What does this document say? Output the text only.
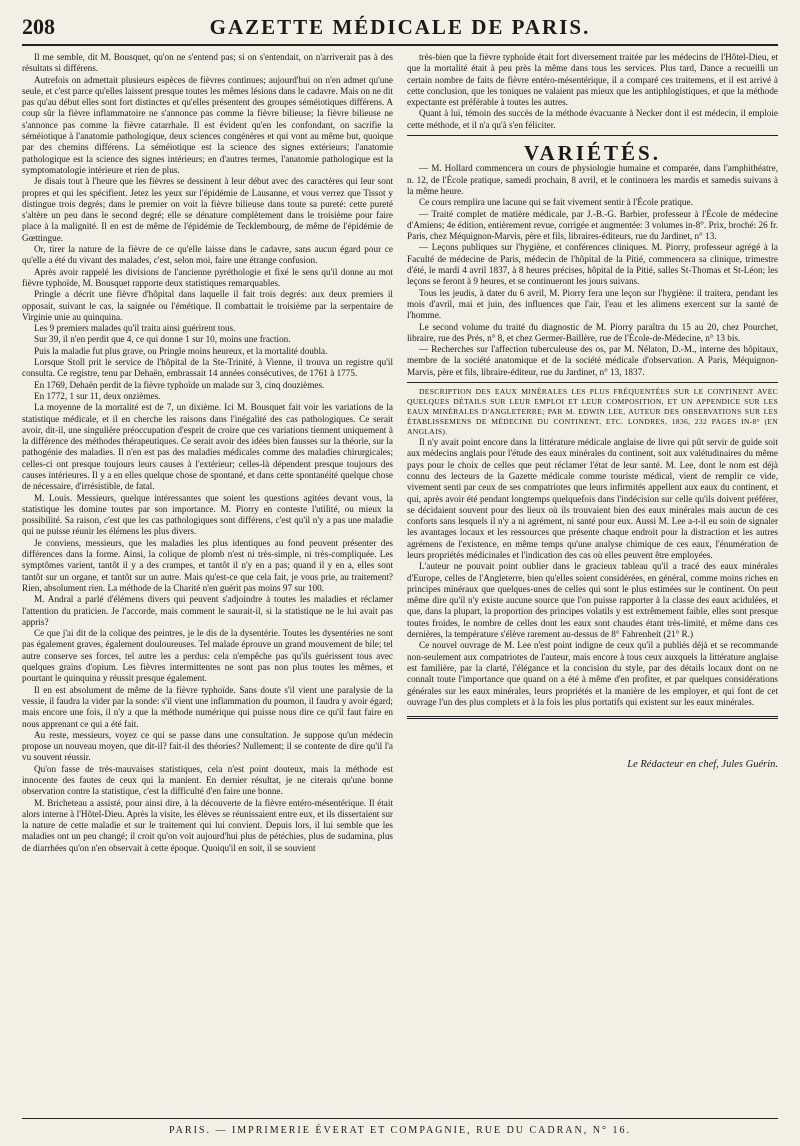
208	GAZETTE MÉDICALE DE PARIS.

Il me semble, dit M. Bousquet, qu'on ne s'entend pas; si on s'entendait, on n'arriverait pas à des résultats si différens.

Autrefois on admettait plusieurs espèces de fièvres continues; aujourd'hui on n'en admet qu'une seule, et c'est parce qu'elles laissent presque toutes les mêmes lésions dans le cadavre. Mais on ne dit pas qu'au début elles sont fort distinctes et qu'elles présentent des groupes séméiotiques différens. A coup sûr la fièvre inflammatoire ne s'annonce pas comme la fièvre bilieuse; la fièvre bilieuse ne s'annonce pas comme la fièvre catarrhale. Il est évident qu'en les confondant, on sacrifie la séméiotique à l'anatomie pathologique, deux sciences congénères et qui vont au même but, quoique par des chemins différens. La séméiotique est la science des signes extérieurs; l'anatomie pathologique est la science des signes intérieurs; en d'autres termes, l'anatomie pathologique est la symptomatologie intérieure et rien de plus.

Je disais tout à l'heure que les fièvres se dessinent à leur début avec des caractères qui leur sont propres et qui les spécifient. Jetez les yeux sur l'épidémie de Lausanne, et vous verrez que Tissot y distingue trois degrés; dans le premier on voit la fièvre bilieuse dans toute sa pureté: cette pureté s'altère un peu dans le second degré; elle se dénature complètement dans le troisième pour faire place à la malignité. Il en est de même de l'épidémie de Tecklembourg, de même de l'épidémie de Gœttingue.

Or, tirer la nature de la fièvre de ce qu'elle laisse dans le cadavre, sans aucun égard pour ce qu'elle a été du vivant des malades, c'est, selon moi, faire une étrange confusion.

Après avoir rappelé les divisions de l'ancienne pyréthologie et fixé le sens qu'il donne au mot fièvre typhoïde, M. Bousquet rapporte deux statistiques remarquables.

Pringle a décrit une fièvre d'hôpital dans laquelle il fait trois degrés: aux deux premiers il opposait, suivant le cas, la saignée ou l'émétique. Il combattait le troisième par la serpentaire de Virginie unie au quinquina.

Les 9 premiers malades qu'il traita ainsi guérirent tous.

Sur 39, il n'en perdit que 4, ce qui donne 1 sur 10, moins une fraction.

Puis la maladie fut plus grave, ou Pringle moins heureux, et la mortalité doubla.

Lorsque Stoll prit le service de l'hôpital de la Ste-Trinité, à Vienne, il trouva un registre qu'il consulta. Ce registre, tenu par Dehaën, embrassait 14 années consécutives, de 1761 à 1775.

En 1769, Dehaën perdit de la fièvre typhoïde un malade sur 3, cinq douzièmes.

En 1772, 1 sur 11, deux onzièmes.

La moyenne de la mortalité est de 7, un dixième. Ici M. Bousquet fait voir les variations de la statistique médicale, et il en cherche les raisons dans l'inégalité des cas pathologiques. Ce serait avoir, dit-il, une singulière préoccupation d'esprit de croire que ces variations tiennent uniquement à la différence des méthodes thérapeutiques. Ce serait avoir des idées bien fausses sur la théorie, sur la pathogénie des maladies. Il n'en est pas des maladies médicales comme des maladies chirurgicales; celles-ci ont presque toujours leurs causes à l'extérieur; celles-là dépendent presque toujours des causes intérieures. Il y a en elles quelque chose de spontané, et dans cette spontanéité quelque chose de nécessaire, d'irrésistible, de fatal.

M. Louis. Messieurs, quelque intéressantes que soient les questions agitées devant vous, la statistique les domine toutes par son importance. M. Piorry en conteste l'utilité, ou mieux la possibilité. Sa raison, c'est que les cas pathologiques sont différens, c'est qu'il n'y a pas une maladie qui ne puisse réunir les élémens les plus divers.

Je conviens, messieurs, que les maladies les plus identiques au fond peuvent présenter des différences dans la forme. Ainsi, la colique de plomb n'est ni très-simple, ni très-compliquée. Les symptômes varient, tantôt il y a des crampes, et tantôt il n'y en a pas; quand il y en a, elles sont tantôt sur un organe, et tantôt sur un autre. Mais qu'est-ce que cela fait, je vous prie, au traitement? Rien, absolument rien. La méthode de la Charité n'en guérit pas moins 97 sur 100.

M. Andral a parlé d'élémens divers qui peuvent s'adjoindre à toutes les maladies et réclamer l'attention du praticien. Je l'accorde, mais comment le saurait-il, si la statistique ne le lui avait pas appris?

Ce que j'ai dit de la colique des peintres, je le dis de la dysentérie. Toutes les dysentéries ne sont pas également graves, également douloureuses. Tel malade éprouve un grand mouvement de bile; tel autre conserve ses forces, tel autre les a perdus: cela n'empêche pas qu'ils guérissent tous avec quelques grains d'opium. Les fièvres intermittentes ne sont pas non plus toutes les mêmes, et pourtant le quinquina y réussit presque également.

Il en est absolument de même de la fièvre typhoïde. Sans doute s'il vient une paralysie de la vessie, il faudra la vider par la sonde: s'il vient une inflammation du poumon, il faudra y avoir égard; mais encore une fois, il n'y a que la méthode numérique qui puisse nous dire ce qu'il faut faire en nous apprenant ce qui a été fait.

Au reste, messieurs, voyez ce qui se passe dans une consultation. Je suppose qu'un médecin propose un nouveau moyen, que dit-il? fait-il des théories? Nullement; il se contente de dire qu'il l'a vu souvent réussir.

Qu'on fasse de très-mauvaises statistiques, cela n'est point douteux, mais la méthode est innocente des fautes de ceux qui la manient. En dernier résultat, je ne citerais qu'une bonne observation contre la statistique, c'est la difficulté d'en faire une bonne.

M. Bricheteau a assisté, pour ainsi dire, à la découverte de la fièvre entéro-mésentérique. Il était alors interne à l'Hôtel-Dieu. Après la visite, les élèves se réunissaient entre eux, et ils dissertaient sur la nature de cette maladie et sur le traitement qui lui convient. Depuis lors, il lui semble que les maladies ont un peu changé; il croit qu'on voit aujourd'hui plus de pétéchies, plus de sudamina, plus de diarrhées qu'on n'en observait à cette époque. Quoiqu'il en soit, il se souvient

très-bien que la fièvre typhoïde était fort diversement traitée par les médecins de l'Hôtel-Dieu, et que la mortalité était à peu près la même dans tous les services. Plus tard, Dance a recueilli un certain nombre de faits de fièvre entéro-mésentérique, il a comparé ces traitemens, et il est arrivé à cette conclusion, que les toniques ne valaient pas mieux que les antiphlogistiques, et que la méthode expectante est préférable à toutes les autres.

Quant à lui, témoin des succès de la méthode évacuante à Necker dont il est médecin, il emploie cette méthode, et il n'a qu'à s'en féliciter.

VARIÉTÉS.

— M. Hollard commencera un cours de physiologie humaine et comparée, dans l'amphithéatre, n. 12, de l'École pratique, samedi prochain, 8 avril, et le continuera les mardis et samedis suivans à la même heure.

Ce cours remplira une lacune qui se fait vivement sentir à l'École pratique.

— Traité complet de matière médicale, par J.-B.-G. Barbier, professeur à l'École de médecine d'Amiens; 4e édition, entièrement revue, corrigée et augmentée: 3 volumes in-8°. Prix, broché: 26 fr. Paris, chez Méquignon-Marvis, père et fils, libraires-éditeurs, rue du Jardinet, n° 13.

— Leçons publiques sur l'hygiène, et conférences cliniques. M. Piorry, professeur agrégé à la Faculté de médecine de Paris, médecin de l'hôpital de la Pitié, commencera sa clinique, trimestre d'été, le mardi 4 avril 1837, à 8 heures précises, hôpital de la Pitié, salles St-Thomas et St-Léon; les leçons se feront à 9 heures, et se continueront les jours suivans.

Tous les jeudis, à dater du 6 avril, M. Piorry fera une leçon sur l'hygiène: il traitera, pendant les mois d'avril, mai et juin, des influences que l'air, l'eau et les alimens exercent sur la santé de l'homme.

Le second volume du traité du diagnostic de M. Piorry paraîtra du 15 au 20, chez Pourchet, libraire, rue des Prés, n° 8, et chez Germer-Baillère, rue de l'École-de-Médecine, n° 13 bis.

— Recherches sur l'affection tuberculeuse des os, par M. Nélaton, D.-M., interne des hôpitaux, membre de la société anatomique et de la société médicale d'observation. A Paris, Méquignon-Marvis, père et fils, libraire-éditeur, rue du Jardinet, n° 13, 1837.

DESCRIPTION DES EAUX MINÉRALES LES PLUS FRÉQUENTÉES SUR LE CONTINENT AVEC QUELQUES DÉTAILS SUR LEUR EMPLOI ET LEUR COMPOSITION, ET UN APPENDICE SUR LES EAUX MINÉRALES D'ANGLETERRE; PAR M. EDWIN LEE, AUTEUR DES OBSERVATIONS SUR LES ÉTABLISSEMENS DE MÉDECINE DU CONTINENT, ETC. LONDRES, 1836, 232 PAGES IN-8° (EN ANGLAIS).

Il n'y avait point encore dans la littérature médicale anglaise de livre qui pût servir de guide soit aux médecins anglais pour l'étude des eaux minérales du continent, soit aux valétudinaires du même pays pour le choix de celles que peut réclamer l'état de leur santé. M. Lee, dont le nom est déjà connu des lecteurs de la Gazette médicale comme touriste médical, vient de remplir ce vide, vivement senti par ceux de ses compatriotes que leurs infirmités appellent aux eaux du continent, et qui, après avoir été pendant longtemps quelquefois dans l'indécision sur celle qu'ils doivent préférer, se décidaient souvent pour des lieux où ils trouvaient bien des eaux minérales mais aucun de ces conforts sans lesquels il n'y a ni agrément, ni santé pour eux. Aussi M. Lee a-t-il eu soin de signaler les avantages locaux et les ressources que présente chaque endroit pour la distraction et les autres agrémens de l'existence, en même temps qu'une analyse chimique de ces eaux, l'énumération de leurs propriétés médicinales et l'indication des cas où elles peuvent être employées.

L'auteur ne pouvait point oublier dans le gracieux tableau qu'il a tracé des eaux minérales d'Europe, celles de l'Angleterre, bien qu'elles soient considérées, en général, comme moins riches en principes minéraux que quelques-unes de celles qui sont le plus estimées sur le continent. On peut même dire qu'il n'y existe aucune source que l'on puisse rapporter à la classe des eaux acidulées, et que, dans la plupart, la proportion des principes volatils y est extrêmement faible, elles sont presque toutes froides, le nombre de celles dont les eaux sont chaudes étant très-limité, et même dans ces dernières, la température s'élève rarement au-dessus de 8° Fahrenheit (21° R.)

Ce nouvel ouvrage de M. Lee n'est point indigne de ceux qu'il a publiés déjà et se recommande non-seulement aux compatriotes de l'auteur, mais encore à tous ceux auxquels la littérature anglaise est familière, par la clarté, l'élégance et la concision du style, par des détails locaux dont on ne connaît toute l'importance que quand on a été à même d'en profiter, et par quelques considérations générales sur les eaux minérales, leurs propriétés et la manière de les employer, et qui font de cet ouvrage l'un des plus complets et à la fois les plus portatifs qui existent sur les eaux minérales.

Le Rédacteur en chef, Jules Guérin.
PARIS. — IMPRIMERIE ÉVERAT ET COMPAGNIE, RUE DU CADRAN, N° 16.
